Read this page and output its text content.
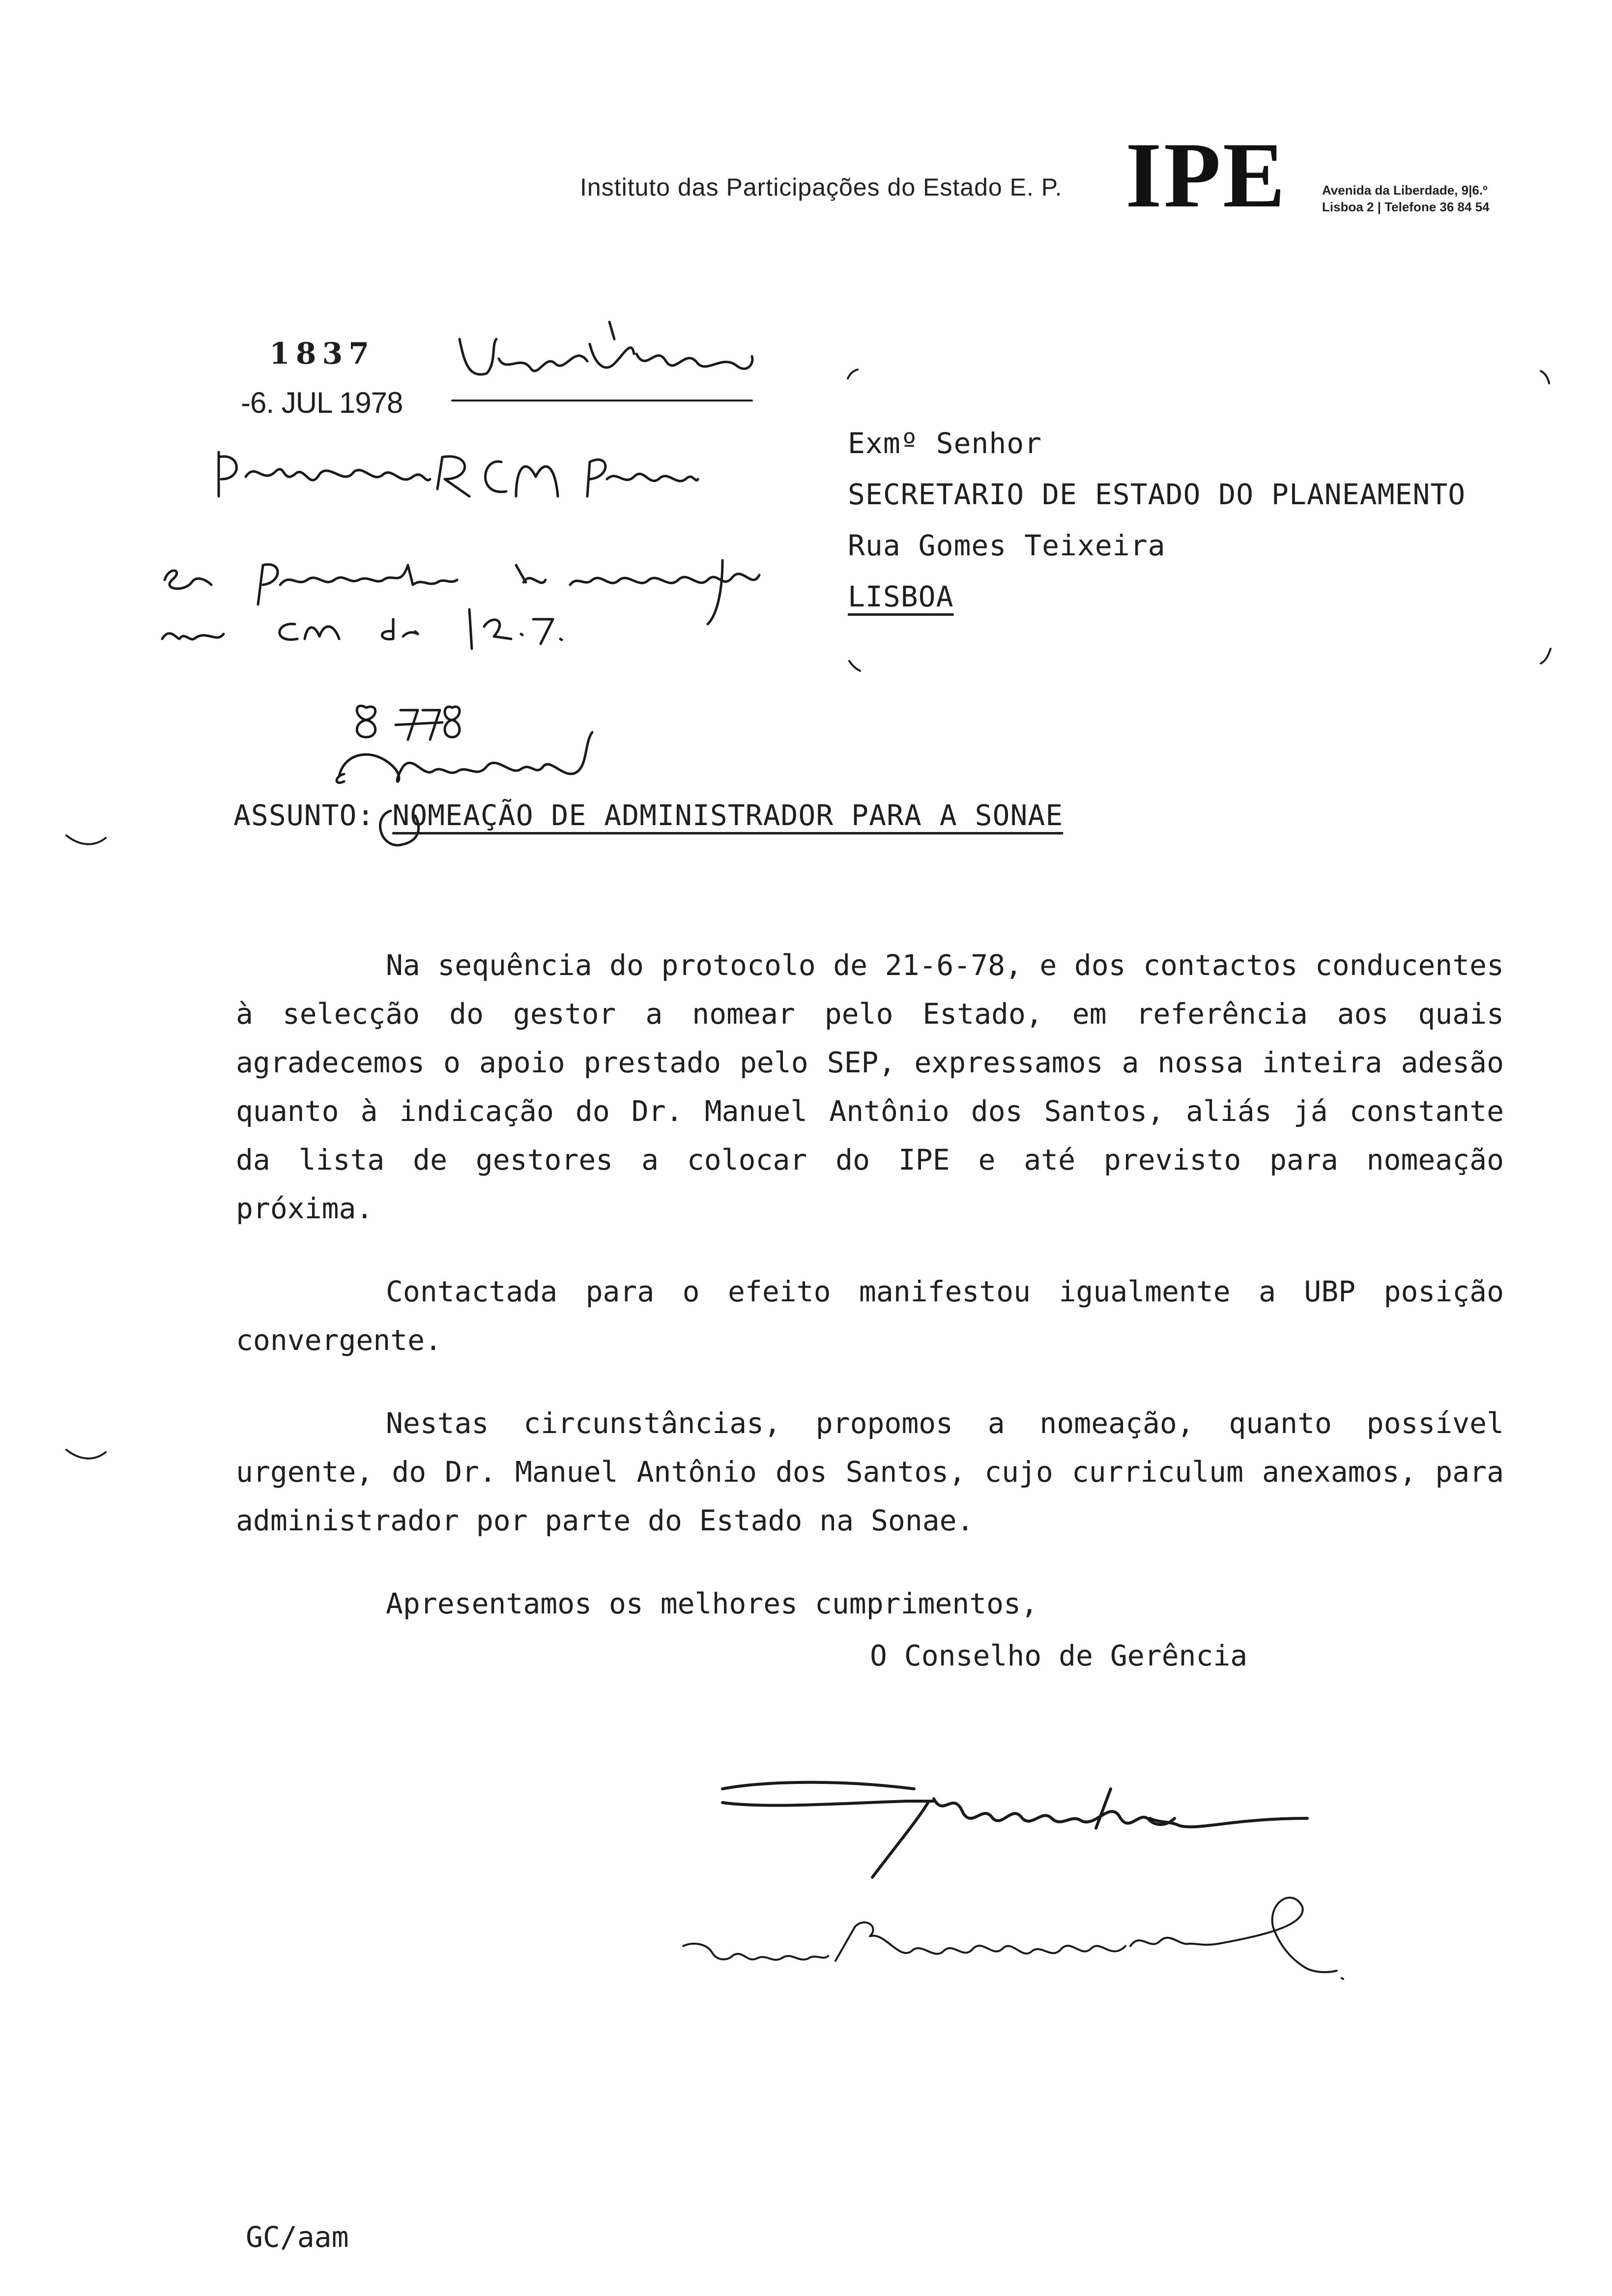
Instituto das Participações do Estado E. P. IPE	Avenida da Liberdade, 9|6.º
Lisboa 2 | Telefone 36 84 54
1837
-6. JUL 1978
Exmº Senhor
SECRETARIO DE ESTADO DO PLANEAMENTO
Rua Gomes Teixeira
LISBOA
ASSUNTO: NOMEAÇÃO DE ADMINISTRADOR PARA A SONAE

Na sequência do protocolo de 21-6-78, e dos contactos conducentes à selecção do gestor a nomear pelo Estado, em referência aos quais agradecemos o apoio prestado pelo SEP, expressamos a nossa inteira adesão quanto à indicação do Dr. Manuel Antônio dos Santos, aliás já constante da lista de gestores a colocar do IPE e até previsto para nomeação próxima.

Contactada para o efeito manifestou igualmente a UBP posição convergente.

Nestas circunstâncias, propomos a nomeação, quanto possível urgente, do Dr. Manuel Antônio dos Santos, cujo curriculum anexamos, para administrador por parte do Estado na Sonae.

Apresentamos os melhores cumprimentos,

O Conselho de Gerência
GC/aam
